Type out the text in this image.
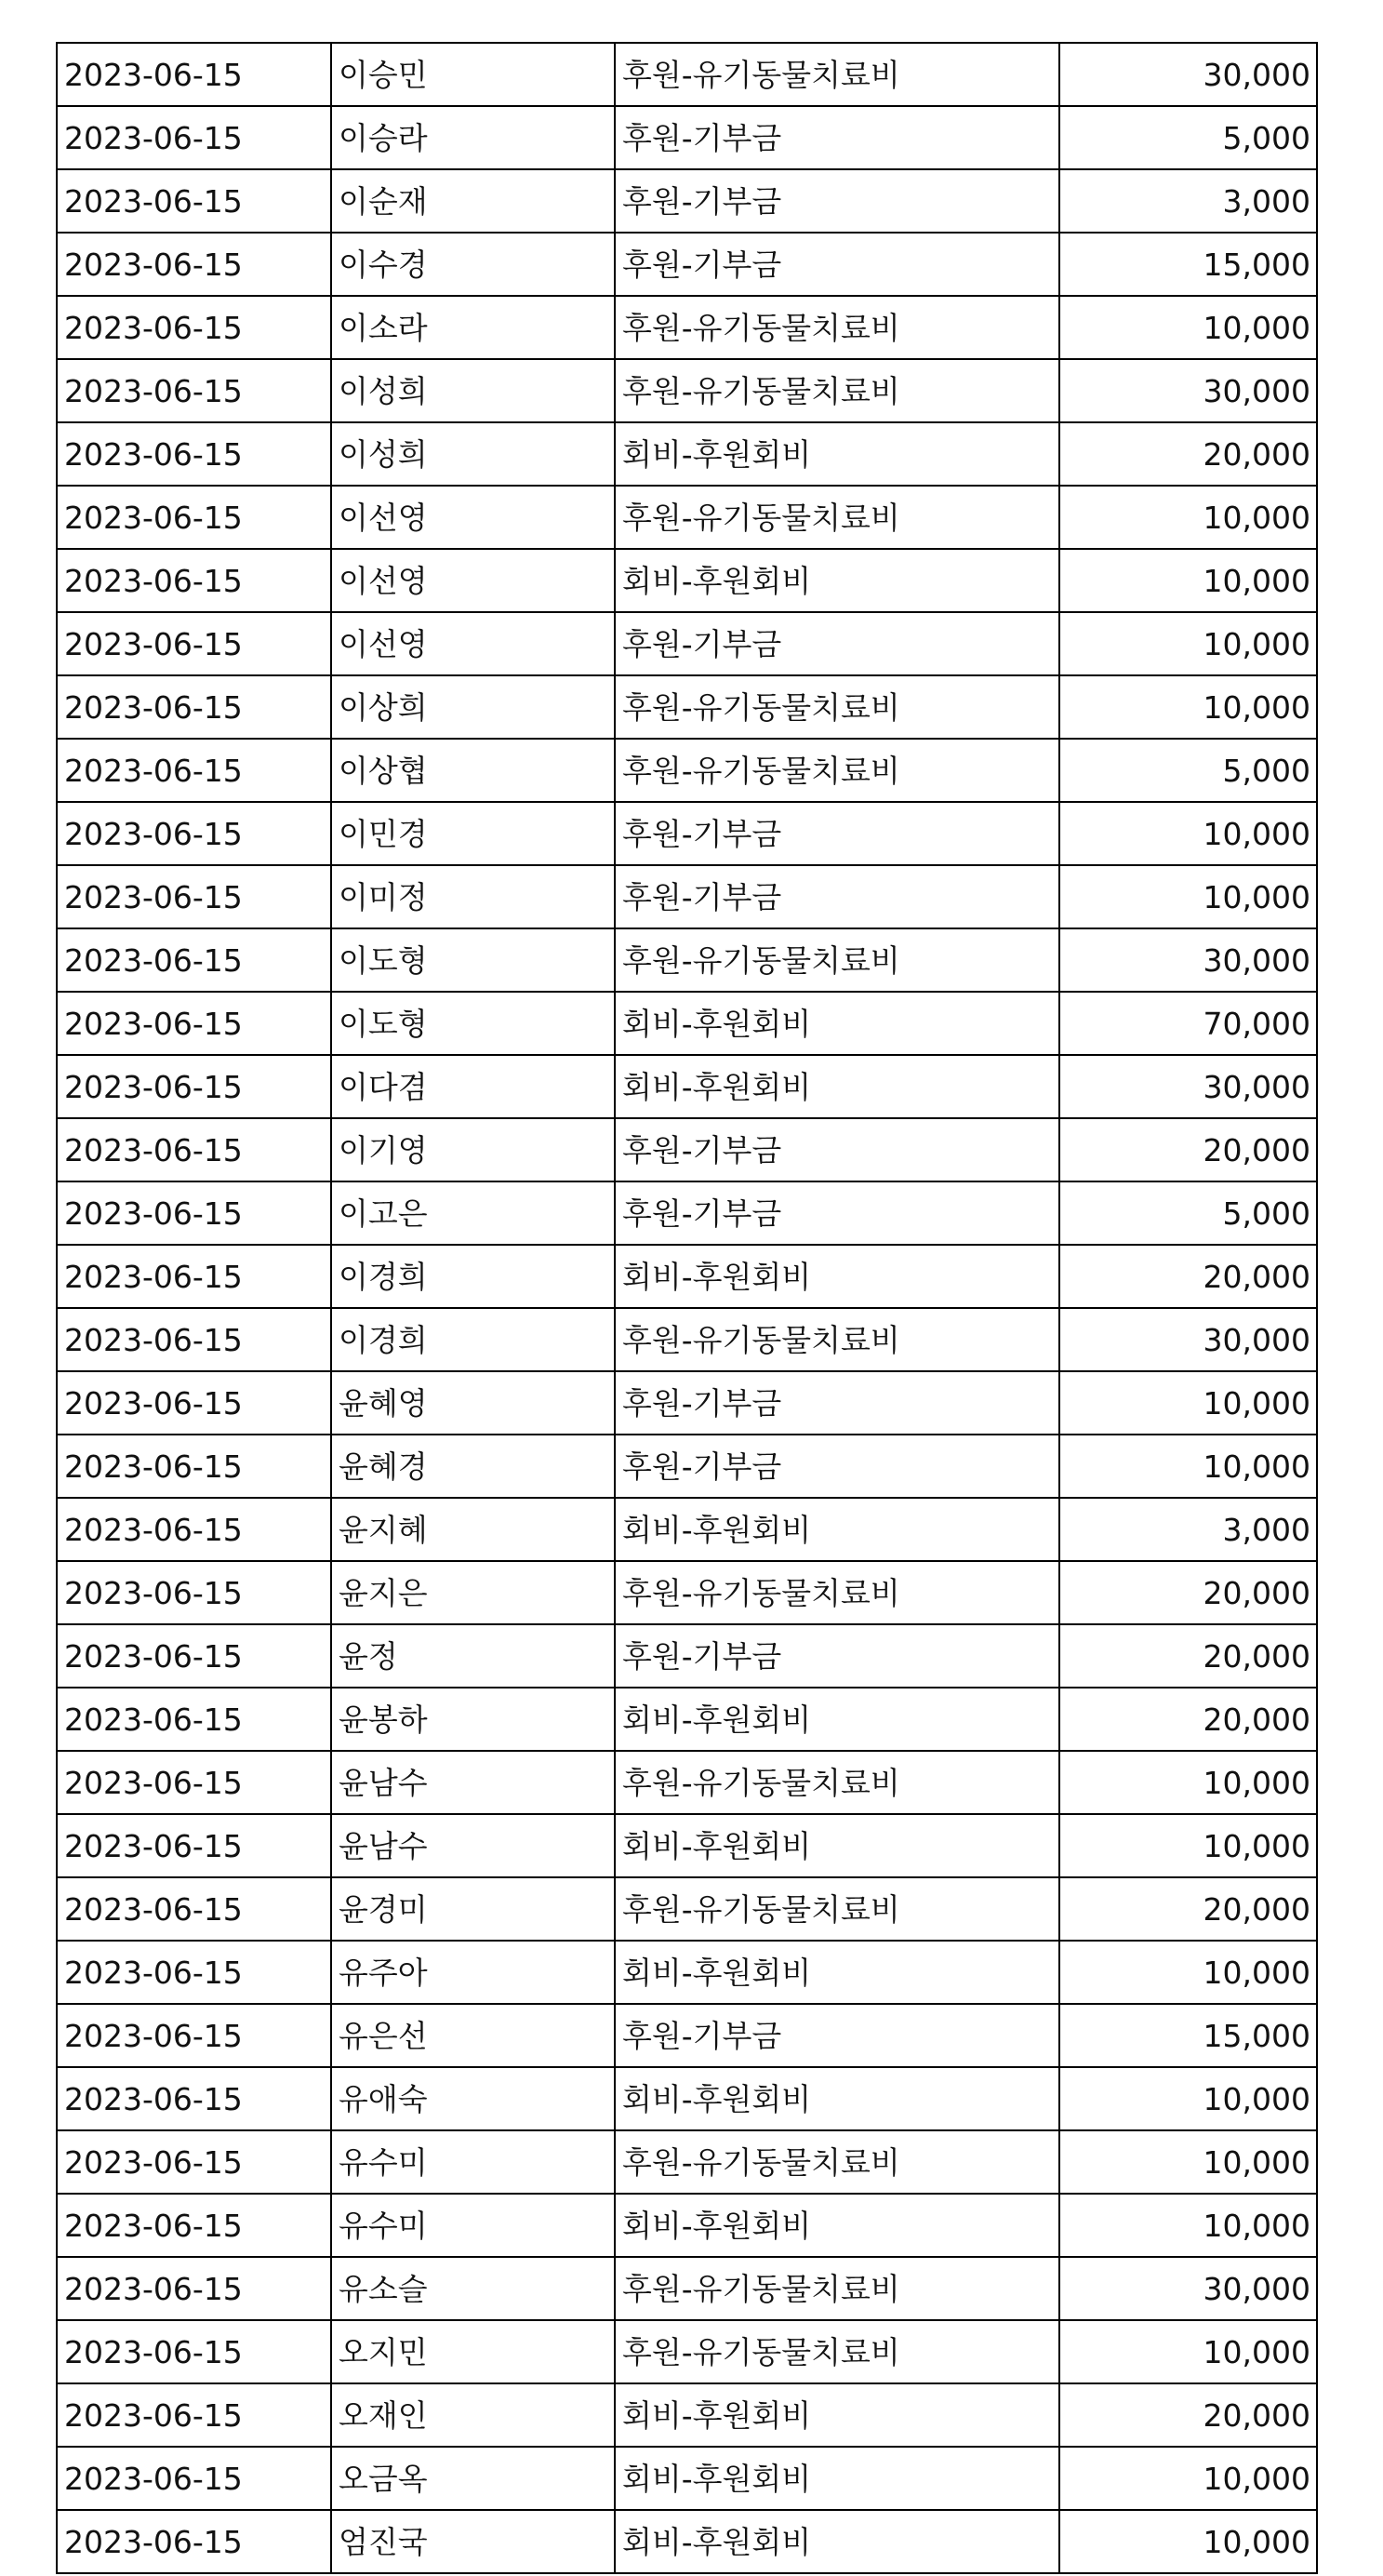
2023-06-15	이승민	후원-유기동물치료비	30,000
2023-06-15	이승라	후원-기부금	5,000
2023-06-15	이순재	후원-기부금	3,000
2023-06-15	이수경	후원-기부금	15,000
2023-06-15	이소라	후원-유기동물치료비	10,000
2023-06-15	이성희	후원-유기동물치료비	30,000
2023-06-15	이성희	회비-후원회비	20,000
2023-06-15	이선영	후원-유기동물치료비	10,000
2023-06-15	이선영	회비-후원회비	10,000
2023-06-15	이선영	후원-기부금	10,000
2023-06-15	이상희	후원-유기동물치료비	10,000
2023-06-15	이상협	후원-유기동물치료비	5,000
2023-06-15	이민경	후원-기부금	10,000
2023-06-15	이미정	후원-기부금	10,000
2023-06-15	이도형	후원-유기동물치료비	30,000
2023-06-15	이도형	회비-후원회비	70,000
2023-06-15	이다겸	회비-후원회비	30,000
2023-06-15	이기영	후원-기부금	20,000
2023-06-15	이고은	후원-기부금	5,000
2023-06-15	이경희	회비-후원회비	20,000
2023-06-15	이경희	후원-유기동물치료비	30,000
2023-06-15	윤혜영	후원-기부금	10,000
2023-06-15	윤혜경	후원-기부금	10,000
2023-06-15	윤지혜	회비-후원회비	3,000
2023-06-15	윤지은	후원-유기동물치료비	20,000
2023-06-15	윤정	후원-기부금	20,000
2023-06-15	윤봉하	회비-후원회비	20,000
2023-06-15	윤남수	후원-유기동물치료비	10,000
2023-06-15	윤남수	회비-후원회비	10,000
2023-06-15	윤경미	후원-유기동물치료비	20,000
2023-06-15	유주아	회비-후원회비	10,000
2023-06-15	유은선	후원-기부금	15,000
2023-06-15	유애숙	회비-후원회비	10,000
2023-06-15	유수미	후원-유기동물치료비	10,000
2023-06-15	유수미	회비-후원회비	10,000
2023-06-15	유소슬	후원-유기동물치료비	30,000
2023-06-15	오지민	후원-유기동물치료비	10,000
2023-06-15	오재인	회비-후원회비	20,000
2023-06-15	오금옥	회비-후원회비	10,000
2023-06-15	엄진국	회비-후원회비	10,000
